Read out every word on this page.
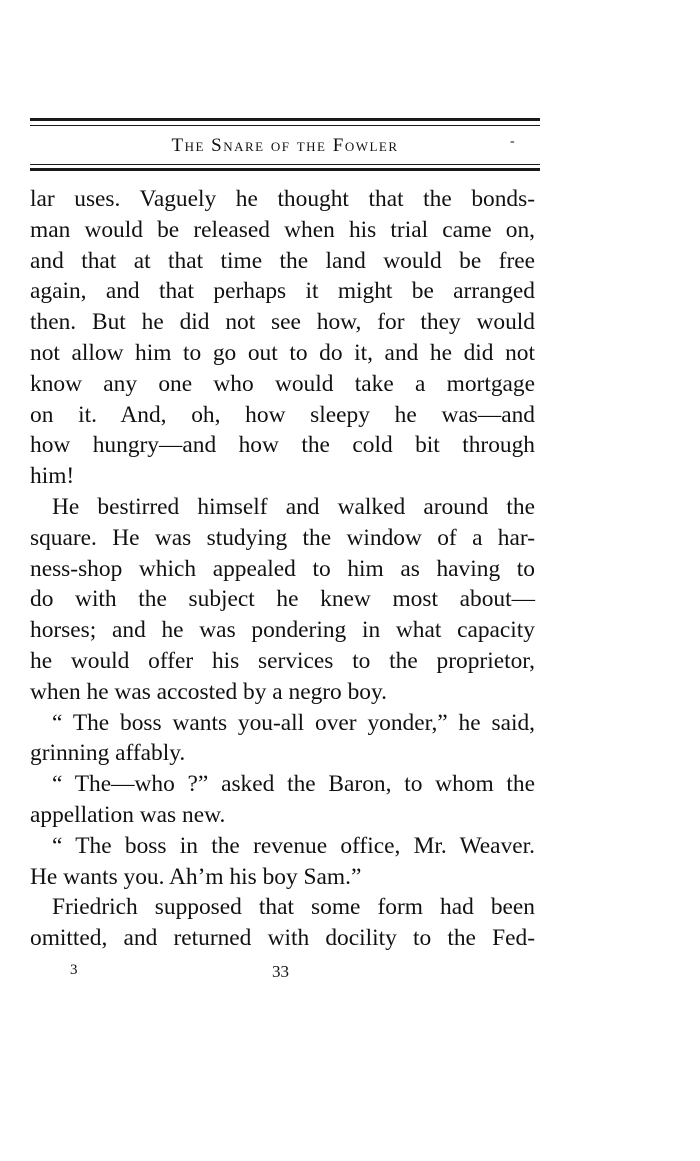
The Snare of the Fowler	‐
lar uses. Vaguely he thought that the bonds-
man would be released when his trial came on,
and that at that time the land would be free
again, and that perhaps it might be arranged
then. But he did not see how, for they would
not allow him to go out to do it, and he did not
know any one who would take a mortgage
on it. And, oh, how sleepy he was—and
how hungry—and how the cold bit through
him!
He bestirred himself and walked around the
square. He was studying the window of a har-
ness-shop which appealed to him as having to
do with the subject he knew most about—
horses; and he was pondering in what capacity
he would offer his services to the proprietor,
when he was accosted by a negro boy.
“ The boss wants you-all over yonder,” he said,
grinning affably.
“ The—who ?” asked the Baron, to whom the
appellation was new.
“ The boss in the revenue office, Mr. Weaver.
He wants you. Ah’m his boy Sam.”
Friedrich supposed that some form had been
omitted, and returned with docility to the Fed-
3	33
